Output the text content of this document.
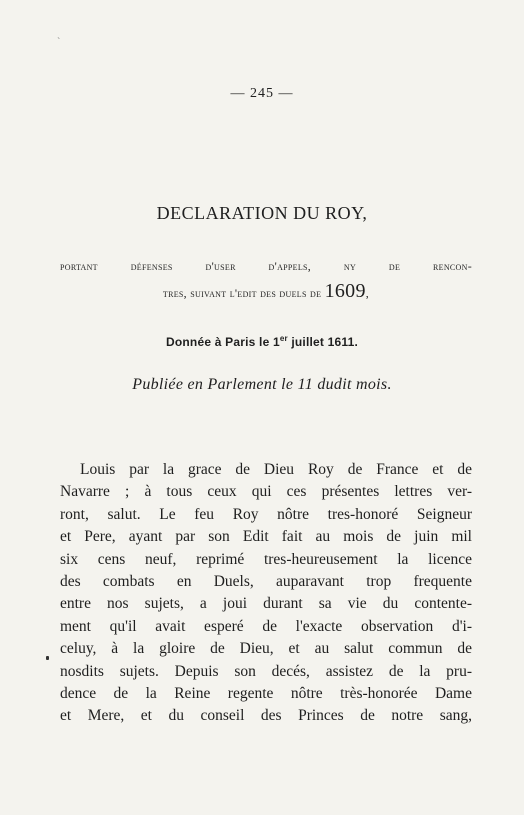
`
— 245 —
DECLARATION DU ROY,
portant défenses d'user d'appels, ny de rencon-
tres, suivant l'edit des duels de 1609,
Donnée à Paris le 1er juillet 1611.
Publiée en Parlement le 11 dudit mois.
Louis par la grace de Dieu Roy de France et de
Navarre ; à tous ceux qui ces présentes lettres ver-
ront, salut. Le feu Roy nôtre tres-honoré Seigneur
et Pere, ayant par son Edit fait au mois de juin mil
six cens neuf, reprimé tres-heureusement la licence
des combats en Duels, auparavant trop frequente
entre nos sujets, a joui durant sa vie du contente-
ment qu'il avait esperé de l'exacte observation d'i-
celuy, à la gloire de Dieu, et au salut commun de
nosdits sujets. Depuis son decés, assistez de la pru-
dence de la Reine regente nôtre très-honorée Dame
et Mere, et du conseil des Princes de notre sang,
